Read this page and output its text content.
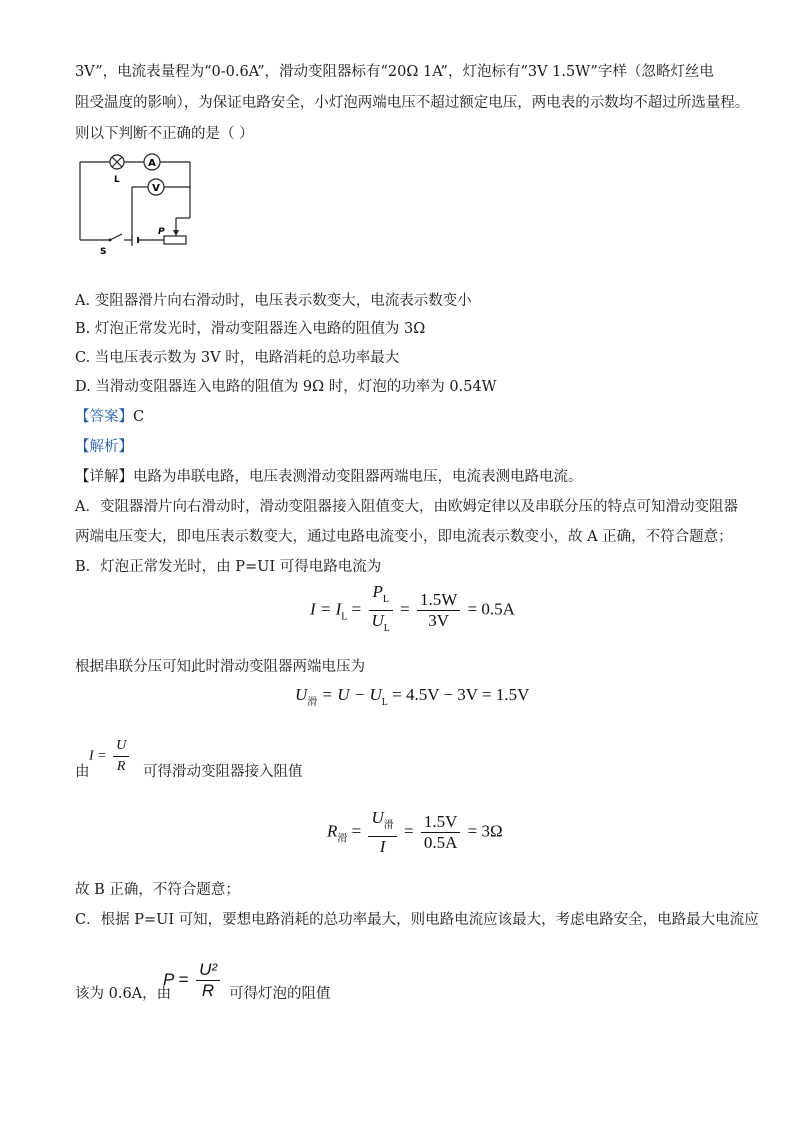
3V”，电流表量程为“0-0.6A”，滑动变阻器标有“20Ω 1A”，灯泡标有“3V 1.5W”字样（忽略灯丝电
阻受温度的影响），为保证电路安全，小灯泡两端电压不超过额定电压，两电表的示数均不超过所选量程。
则以下判断不正确的是（ ）
A
V
L
S
P
A. 变阻器滑片向右滑动时，电压表示数变大，电流表示数变小
B. 灯泡正常发光时，滑动变阻器连入电路的阻值为 3Ω
C. 当电压表示数为 3V 时，电路消耗的总功率最大
D. 当滑动变阻器连入电路的阻值为 9Ω 时，灯泡的功率为 0.54W
【答案】C
【解析】
【详解】电路为串联电路，电压表测滑动变阻器两端电压，电流表测电路电流。
A．变阻器滑片向右滑动时，滑动变阻器接入阻值变大，由欧姆定律以及串联分压的特点可知滑动变阻器
两端电压变大，即电压表示数变大，通过电路电流变小，即电流表示数变小，故 A 正确，不符合题意；
B．灯泡正常发光时，由 P=UI 可得电路电流为
$I = I_L = \frac{P_L}{U_L} = \frac{1.5W}{3V} = 0.5A$
根据串联分压可知此时滑动变阻器两端电压为
$U_滑 = U - U_L = 4.5V - 3V = 1.5V$
由
$I = \frac{U}{R}$ 可得滑动变阻器接入阻值
$R_滑 = \frac{U_滑}{I} = \frac{1.5V}{0.5A} = 3\Omega$
故 B 正确，不符合题意；
C．根据 P=UI 可知，要想电路消耗的总功率最大，则电路电流应该最大，考虑电路安全，电路最大电流应
该为 0.6A，由
$P = \frac{\text{U²}}{R}$ 可得灯泡的阻值
